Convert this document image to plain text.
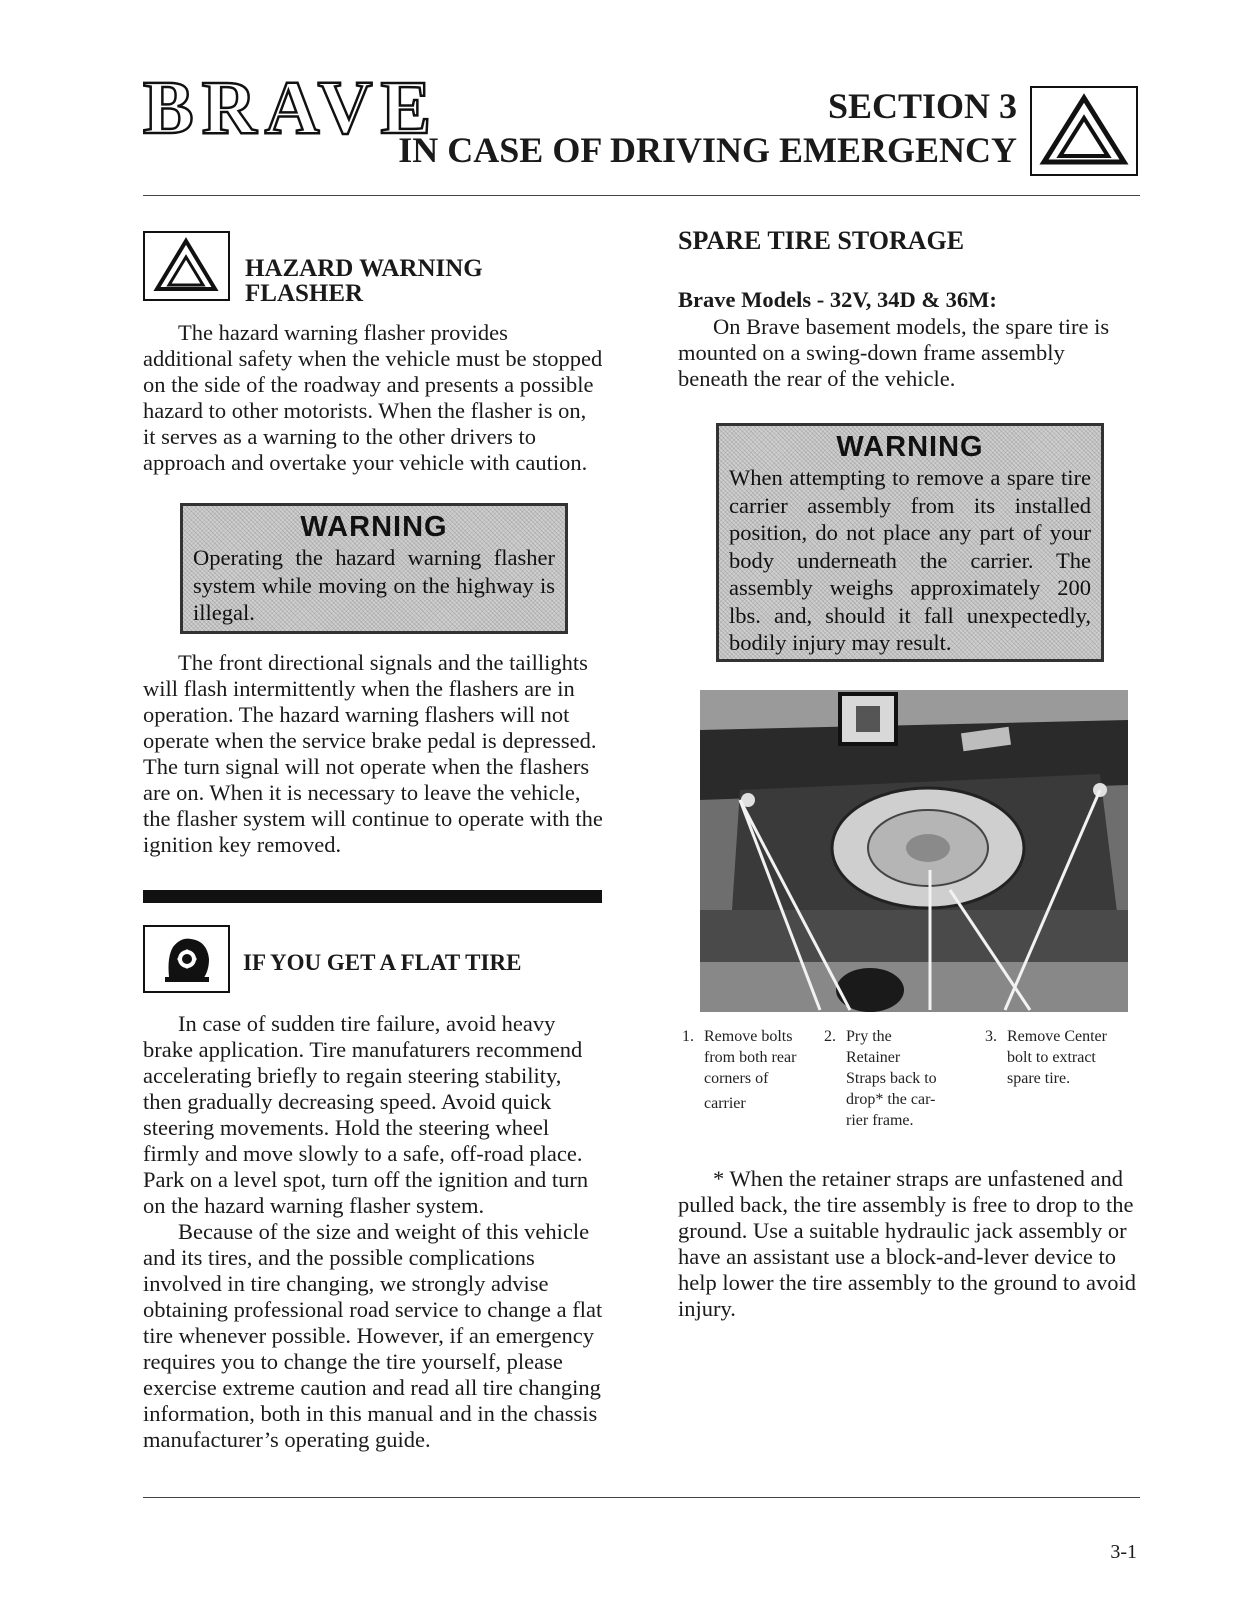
BRAVE	SECTION 3
IN CASE OF DRIVING EMERGENCY
HAZARD WARNING
FLASHER

The hazard warning flasher provides additional safety when the vehicle must be stopped on the side of the roadway and presents a possible hazard to other motorists. When the flasher is on, it serves as a warning to the other drivers to approach and overtake your vehicle with caution.

WARNING

Operating the hazard warning flasher system while moving on the highway is illegal.

The front directional signals and the taillights will flash intermittently when the flashers are in operation. The hazard warning flashers will not operate when the service brake pedal is depressed. The turn signal will not operate when the flashers are on. When it is necessary to leave the vehicle, the flasher system will continue to operate with the ignition key removed.

IF YOU GET A FLAT TIRE

In case of sudden tire failure, avoid heavy brake application. Tire manufaturers recommend accelerating briefly to regain steering stability, then gradually decreasing speed. Avoid quick steering movements. Hold the steering wheel firmly and move slowly to a safe, off-road place. Park on a level spot, turn off the ignition and turn on the hazard warning flasher system.

Because of the size and weight of this vehicle and its tires, and the possible complications involved in tire changing, we strongly advise obtaining professional road service to change a flat tire whenever possible. However, if an emergency requires you to change the tire yourself, please exercise extreme caution and read all tire changing information, both in this manual and in the chassis manufacturer’s operating guide.

SPARE TIRE STORAGE
Brave Models - 32V, 34D & 36M:

On Brave basement models, the spare tire is mounted on a swing-down frame assembly beneath the rear of the vehicle.

WARNING

When attempting to remove a spare tire carrier assembly from its installed position, do not place any part of your body underneath the carrier. The assembly weighs approximately 200 lbs. and, should it fall unexpectedly, bodily injury may result.

1. Remove bolts
from both rear
corners of
carrier
2. Pry the
Retainer
Straps back to
drop* the car-
rier frame.
3. Remove Center
bolt to extract
spare tire.

* When the retainer straps are unfastened and pulled back, the tire assembly is free to drop to the ground. Use a suitable hydraulic jack assembly or have an assistant use a block-and-lever device to help lower the tire assembly to the ground to avoid injury.

3-1
